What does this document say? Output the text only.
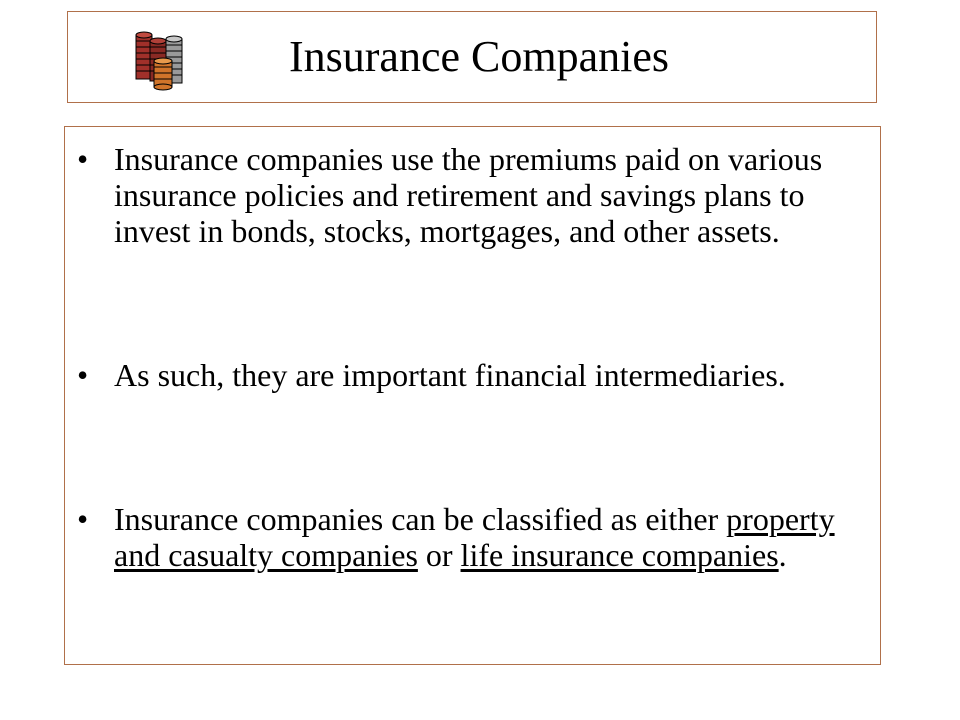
Insurance Companies
• Insurance companies use the premiums paid on various insurance policies and retirement and savings plans to invest in bonds, stocks, mortgages, and other assets.
• As such, they are important financial intermediaries.
• Insurance companies can be classified as either property and casualty companies or life insurance companies.
